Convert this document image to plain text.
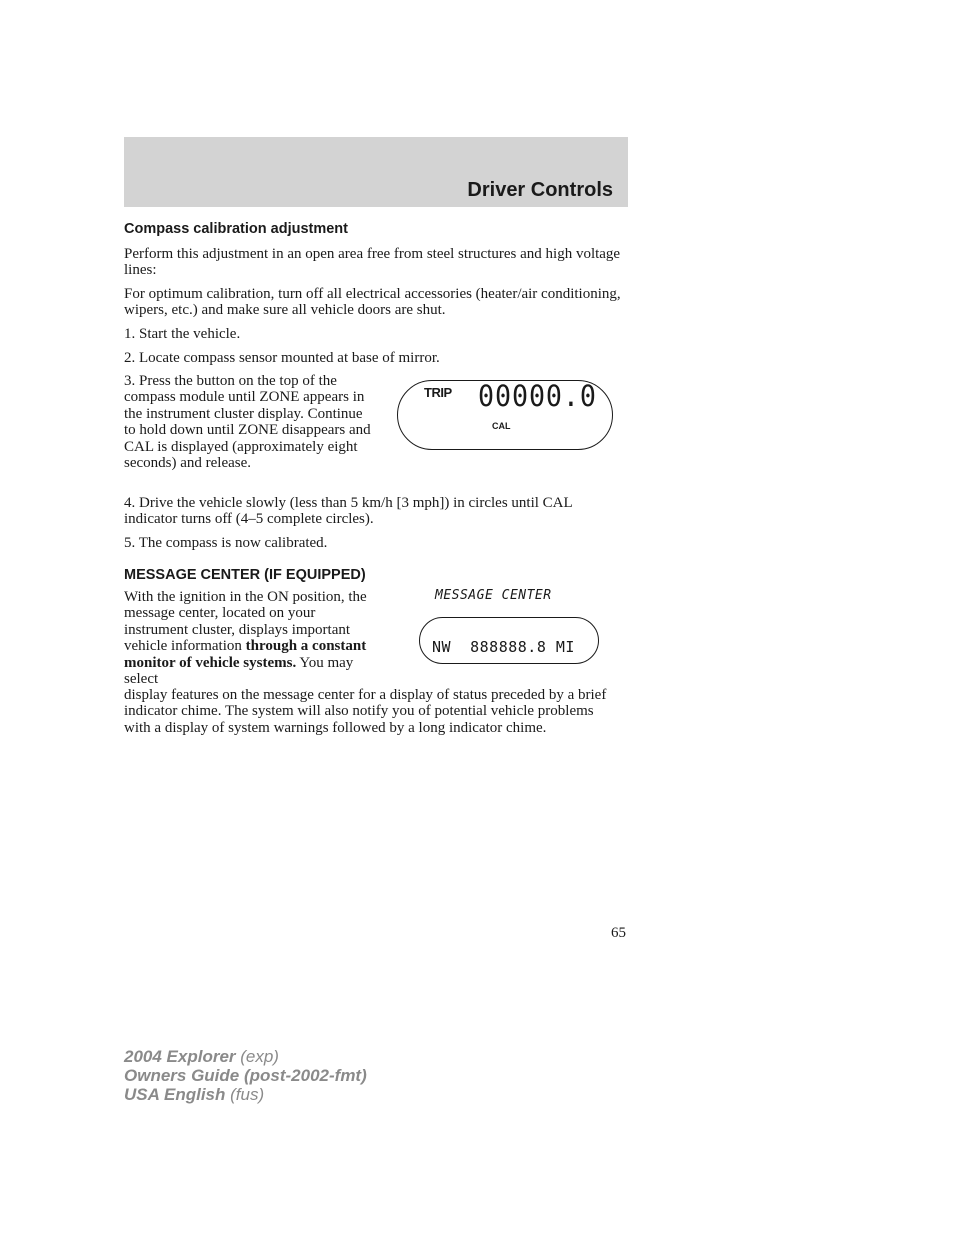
Driver Controls
Compass calibration adjustment

Perform this adjustment in an open area free from steel structures and high voltage lines:

For optimum calibration, turn off all electrical accessories (heater/air conditioning, wipers, etc.) and make sure all vehicle doors are shut.

1. Start the vehicle.

2. Locate compass sensor mounted at base of mirror.

3. Press the button on the top of the compass module until ZONE appears in the instrument cluster display. Continue to hold down until ZONE disappears and CAL is displayed (approximately eight seconds) and release.

TRIP 00000.0
CAL

4. Drive the vehicle slowly (less than 5 km/h [3 mph]) in circles until CAL indicator turns off (4–5 complete circles).

5. The compass is now calibrated.

MESSAGE CENTER (IF EQUIPPED)

With the ignition in the ON position, the message center, located on your instrument cluster, displays important vehicle information through a constant monitor of vehicle systems. You may select

display features on the message center for a display of status preceded by a brief indicator chime. The system will also notify you of potential vehicle problems with a display of system warnings followed by a long indicator chime.

MESSAGE CENTER
NW  888888.8 MI
65
2004 Explorer (exp)
Owners Guide (post-2002-fmt)
USA English (fus)
